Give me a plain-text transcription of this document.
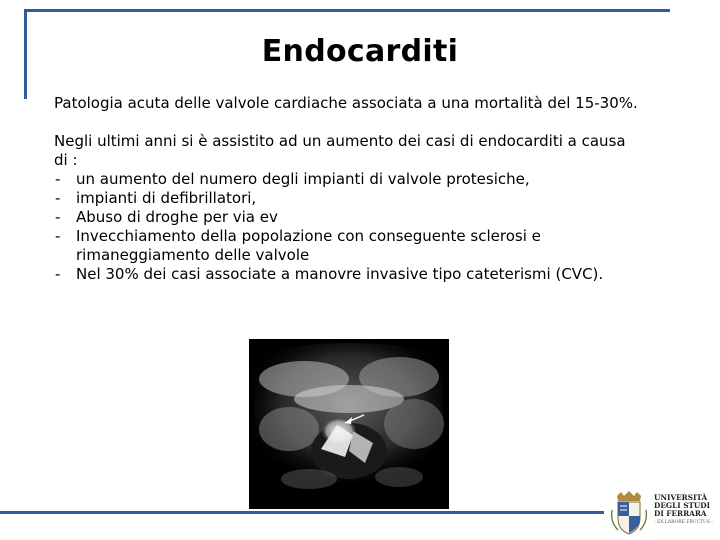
Endocarditi

Patologia acuta delle valvole cardiache associata a una mortalità del 15-30%.

Negli ultimi anni si è assistito ad un aumento dei casi di endocarditi a causa

di :

- un aumento del numero degli impianti di valvole protesiche,
- impianti di defibrillatori,
- Abuso di droghe per via ev
- Invecchiamento della popolazione con conseguente sclerosi e
rimaneggiamento delle valvole
- Nel 30% dei casi associate a manovre invasive tipo cateterismi (CVC).
UNIVERSITÀ
DEGLI STUDI
DI FERRARA
- EX LABORE FRUCTUS -
